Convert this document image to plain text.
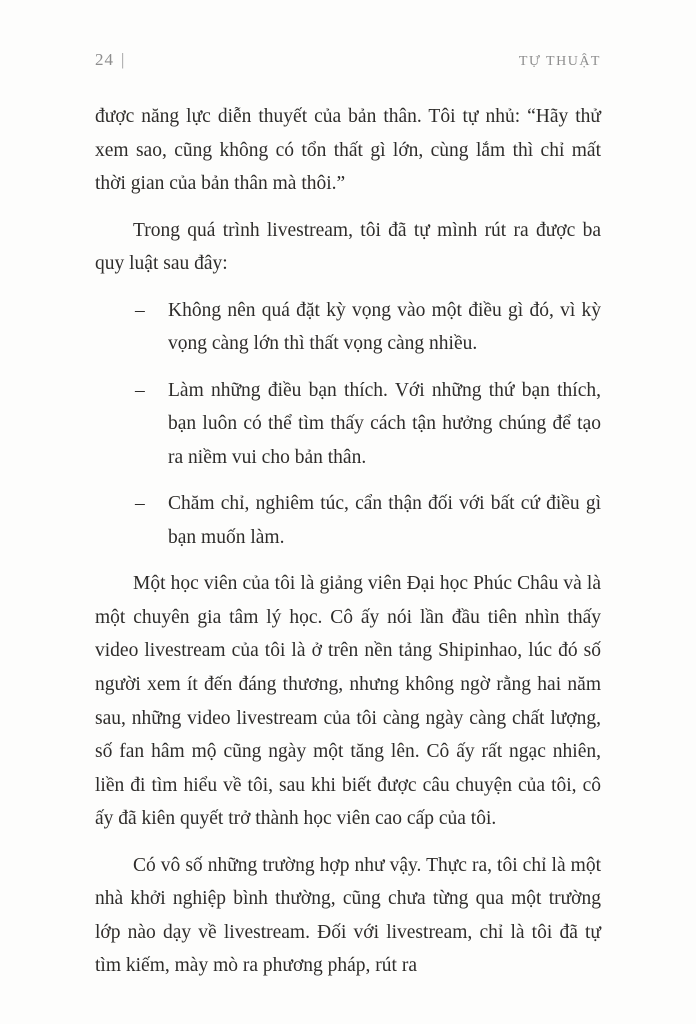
24 |	TỰ THUẬT

được năng lực diễn thuyết của bản thân. Tôi tự nhủ: “Hãy thử xem sao, cũng không có tổn thất gì lớn, cùng lắm thì chỉ mất thời gian của bản thân mà thôi.”

Trong quá trình livestream, tôi đã tự mình rút ra được ba quy luật sau đây:

–	Không nên quá đặt kỳ vọng vào một điều gì đó, vì kỳ vọng càng lớn thì thất vọng càng nhiều.
–	Làm những điều bạn thích. Với những thứ bạn thích, bạn luôn có thể tìm thấy cách tận hưởng chúng để tạo ra niềm vui cho bản thân.
–	Chăm chỉ, nghiêm túc, cẩn thận đối với bất cứ điều gì bạn muốn làm.

Một học viên của tôi là giảng viên Đại học Phúc Châu và là một chuyên gia tâm lý học. Cô ấy nói lần đầu tiên nhìn thấy video livestream của tôi là ở trên nền tảng Shipinhao, lúc đó số người xem ít đến đáng thương, nhưng không ngờ rằng hai năm sau, những video livestream của tôi càng ngày càng chất lượng, số fan hâm mộ cũng ngày một tăng lên. Cô ấy rất ngạc nhiên, liền đi tìm hiểu về tôi, sau khi biết được câu chuyện của tôi, cô ấy đã kiên quyết trở thành học viên cao cấp của tôi.

Có vô số những trường hợp như vậy. Thực ra, tôi chỉ là một nhà khởi nghiệp bình thường, cũng chưa từng qua một trường lớp nào dạy về livestream. Đối với livestream, chỉ là tôi đã tự tìm kiếm, mày mò ra phương pháp, rút ra
